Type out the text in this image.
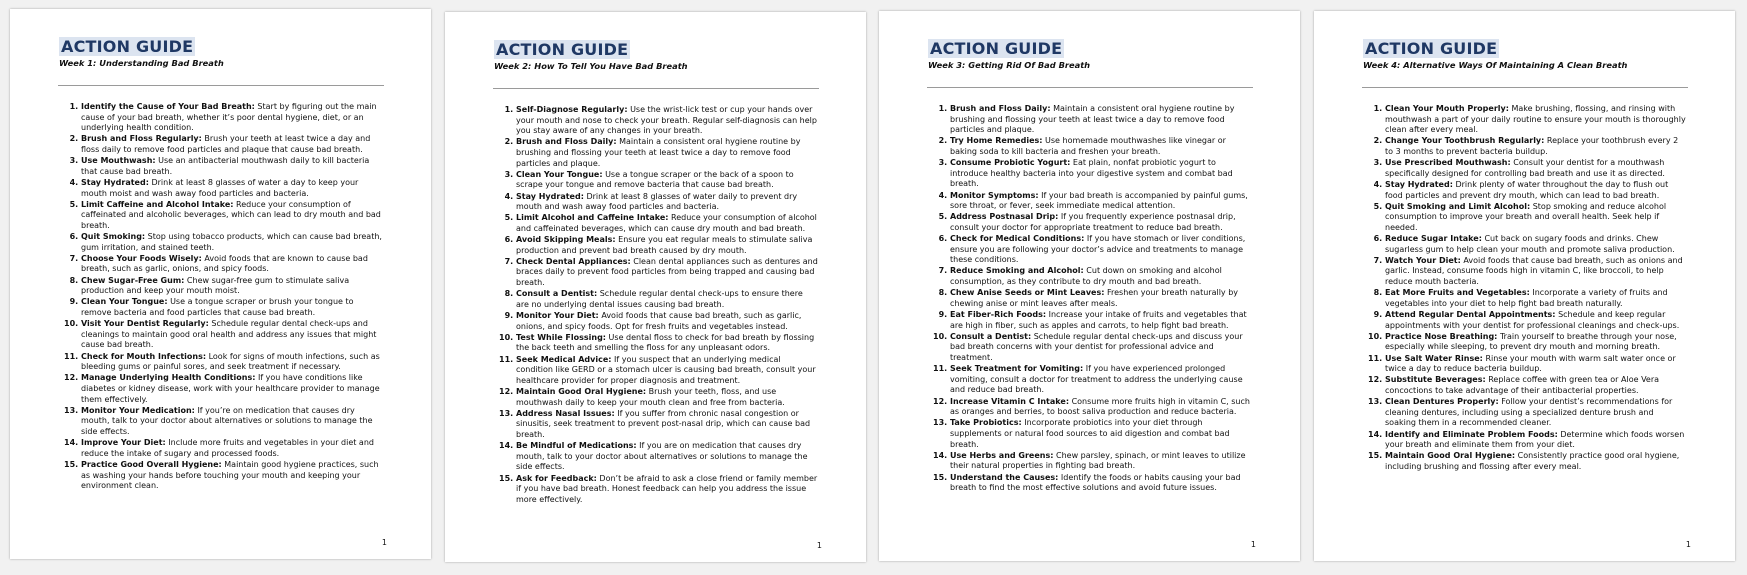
ACTION GUIDE
Week 1: Understanding Bad Breath
1. Identify the Cause of Your Bad Breath: Start by figuring out the main cause of your bad breath, whether it’s poor dental hygiene, diet, or an underlying health condition.
2. Brush and Floss Regularly: Brush your teeth at least twice a day and floss daily to remove food particles and plaque that cause bad breath.
3. Use Mouthwash: Use an antibacterial mouthwash daily to kill bacteria that cause bad breath.
4. Stay Hydrated: Drink at least 8 glasses of water a day to keep your mouth moist and wash away food particles and bacteria.
5. Limit Caffeine and Alcohol Intake: Reduce your consumption of caffeinated and alcoholic beverages, which can lead to dry mouth and bad breath.
6. Quit Smoking: Stop using tobacco products, which can cause bad breath, gum irritation, and stained teeth.
7. Choose Your Foods Wisely: Avoid foods that are known to cause bad breath, such as garlic, onions, and spicy foods.
8. Chew Sugar-Free Gum: Chew sugar-free gum to stimulate saliva production and keep your mouth moist.
9. Clean Your Tongue: Use a tongue scraper or brush your tongue to remove bacteria and food particles that cause bad breath.
10. Visit Your Dentist Regularly: Schedule regular dental check-ups and cleanings to maintain good oral health and address any issues that might cause bad breath.
11. Check for Mouth Infections: Look for signs of mouth infections, such as bleeding gums or painful sores, and seek treatment if necessary.
12. Manage Underlying Health Conditions: If you have conditions like diabetes or kidney disease, work with your healthcare provider to manage them effectively.
13. Monitor Your Medication: If you’re on medication that causes dry mouth, talk to your doctor about alternatives or solutions to manage the side effects.
14. Improve Your Diet: Include more fruits and vegetables in your diet and reduce the intake of sugary and processed foods.
15. Practice Good Overall Hygiene: Maintain good hygiene practices, such as washing your hands before touching your mouth and keeping your environment clean.
1
ACTION GUIDE
Week 2: How To Tell You Have Bad Breath
1. Self-Diagnose Regularly: Use the wrist-lick test or cup your hands over your mouth and nose to check your breath. Regular self-diagnosis can help you stay aware of any changes in your breath.
2. Brush and Floss Daily: Maintain a consistent oral hygiene routine by brushing and flossing your teeth at least twice a day to remove food particles and plaque.
3. Clean Your Tongue: Use a tongue scraper or the back of a spoon to scrape your tongue and remove bacteria that cause bad breath.
4. Stay Hydrated: Drink at least 8 glasses of water daily to prevent dry mouth and wash away food particles and bacteria.
5. Limit Alcohol and Caffeine Intake: Reduce your consumption of alcohol and caffeinated beverages, which can cause dry mouth and bad breath.
6. Avoid Skipping Meals: Ensure you eat regular meals to stimulate saliva production and prevent bad breath caused by dry mouth.
7. Check Dental Appliances: Clean dental appliances such as dentures and braces daily to prevent food particles from being trapped and causing bad breath.
8. Consult a Dentist: Schedule regular dental check-ups to ensure there are no underlying dental issues causing bad breath.
9. Monitor Your Diet: Avoid foods that cause bad breath, such as garlic, onions, and spicy foods. Opt for fresh fruits and vegetables instead.
10. Test While Flossing: Use dental floss to check for bad breath by flossing the back teeth and smelling the floss for any unpleasant odors.
11. Seek Medical Advice: If you suspect that an underlying medical condition like GERD or a stomach ulcer is causing bad breath, consult your healthcare provider for proper diagnosis and treatment.
12. Maintain Good Oral Hygiene: Brush your teeth, floss, and use mouthwash daily to keep your mouth clean and free from bacteria.
13. Address Nasal Issues: If you suffer from chronic nasal congestion or sinusitis, seek treatment to prevent post-nasal drip, which can cause bad breath.
14. Be Mindful of Medications: If you are on medication that causes dry mouth, talk to your doctor about alternatives or solutions to manage the side effects.
15. Ask for Feedback: Don’t be afraid to ask a close friend or family member if you have bad breath. Honest feedback can help you address the issue more effectively.
1
ACTION GUIDE
Week 3: Getting Rid Of Bad Breath
1. Brush and Floss Daily: Maintain a consistent oral hygiene routine by brushing and flossing your teeth at least twice a day to remove food particles and plaque.
2. Try Home Remedies: Use homemade mouthwashes like vinegar or baking soda to kill bacteria and freshen your breath.
3. Consume Probiotic Yogurt: Eat plain, nonfat probiotic yogurt to introduce healthy bacteria into your digestive system and combat bad breath.
4. Monitor Symptoms: If your bad breath is accompanied by painful gums, sore throat, or fever, seek immediate medical attention.
5. Address Postnasal Drip: If you frequently experience postnasal drip, consult your doctor for appropriate treatment to reduce bad breath.
6. Check for Medical Conditions: If you have stomach or liver conditions, ensure you are following your doctor’s advice and treatments to manage these conditions.
7. Reduce Smoking and Alcohol: Cut down on smoking and alcohol consumption, as they contribute to dry mouth and bad breath.
8. Chew Anise Seeds or Mint Leaves: Freshen your breath naturally by chewing anise or mint leaves after meals.
9. Eat Fiber-Rich Foods: Increase your intake of fruits and vegetables that are high in fiber, such as apples and carrots, to help fight bad breath.
10. Consult a Dentist: Schedule regular dental check-ups and discuss your bad breath concerns with your dentist for professional advice and treatment.
11. Seek Treatment for Vomiting: If you have experienced prolonged vomiting, consult a doctor for treatment to address the underlying cause and reduce bad breath.
12. Increase Vitamin C Intake: Consume more fruits high in vitamin C, such as oranges and berries, to boost saliva production and reduce bacteria.
13. Take Probiotics: Incorporate probiotics into your diet through supplements or natural food sources to aid digestion and combat bad breath.
14. Use Herbs and Greens: Chew parsley, spinach, or mint leaves to utilize their natural properties in fighting bad breath.
15. Understand the Causes: Identify the foods or habits causing your bad breath to find the most effective solutions and avoid future issues.
1
ACTION GUIDE
Week 4: Alternative Ways Of Maintaining A Clean Breath
1. Clean Your Mouth Properly: Make brushing, flossing, and rinsing with mouthwash a part of your daily routine to ensure your mouth is thoroughly clean after every meal.
2. Change Your Toothbrush Regularly: Replace your toothbrush every 2 to 3 months to prevent bacteria buildup.
3. Use Prescribed Mouthwash: Consult your dentist for a mouthwash specifically designed for controlling bad breath and use it as directed.
4. Stay Hydrated: Drink plenty of water throughout the day to flush out food particles and prevent dry mouth, which can lead to bad breath.
5. Quit Smoking and Limit Alcohol: Stop smoking and reduce alcohol consumption to improve your breath and overall health. Seek help if needed.
6. Reduce Sugar Intake: Cut back on sugary foods and drinks. Chew sugarless gum to help clean your mouth and promote saliva production.
7. Watch Your Diet: Avoid foods that cause bad breath, such as onions and garlic. Instead, consume foods high in vitamin C, like broccoli, to help reduce mouth bacteria.
8. Eat More Fruits and Vegetables: Incorporate a variety of fruits and vegetables into your diet to help fight bad breath naturally.
9. Attend Regular Dental Appointments: Schedule and keep regular appointments with your dentist for professional cleanings and check-ups.
10. Practice Nose Breathing: Train yourself to breathe through your nose, especially while sleeping, to prevent dry mouth and morning breath.
11. Use Salt Water Rinse: Rinse your mouth with warm salt water once or twice a day to reduce bacteria buildup.
12. Substitute Beverages: Replace coffee with green tea or Aloe Vera concoctions to take advantage of their antibacterial properties.
13. Clean Dentures Properly: Follow your dentist’s recommendations for cleaning dentures, including using a specialized denture brush and soaking them in a recommended cleaner.
14. Identify and Eliminate Problem Foods: Determine which foods worsen your breath and eliminate them from your diet.
15. Maintain Good Oral Hygiene: Consistently practice good oral hygiene, including brushing and flossing after every meal.
1
